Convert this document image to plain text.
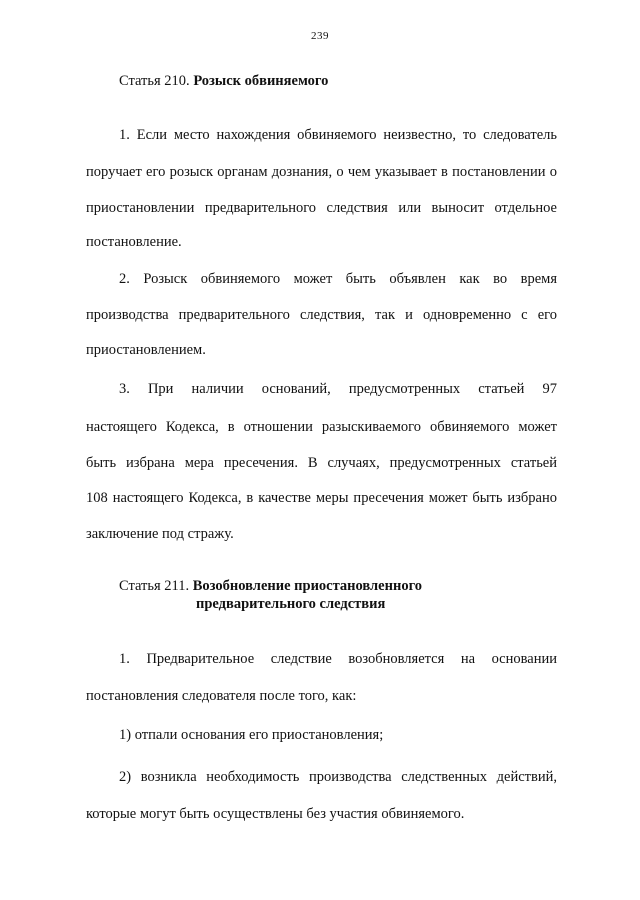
239
Статья 210. Розыск обвиняемого
1. Если место нахождения обвиняемого неизвестно, то следователь
поручает его розыск органам дознания, о чем указывает в постановлении о
приостановлении предварительного следствия или выносит отдельное
постановление.
2. Розыск обвиняемого может быть объявлен как во время
производства предварительного следствия, так и одновременно с его
приостановлением.
3. При наличии оснований, предусмотренных статьей 97
настоящего Кодекса, в отношении разыскиваемого обвиняемого может
быть избрана мера пресечения. В случаях, предусмотренных статьей
108 настоящего Кодекса, в качестве меры пресечения может быть избрано
заключение под стражу.
Статья 211. Возобновление приостановленного
предварительного следствия
1. Предварительное следствие возобновляется на основании
постановления следователя после того, как:
1) отпали основания его приостановления;
2) возникла необходимость производства следственных действий,
которые могут быть осуществлены без участия обвиняемого.
